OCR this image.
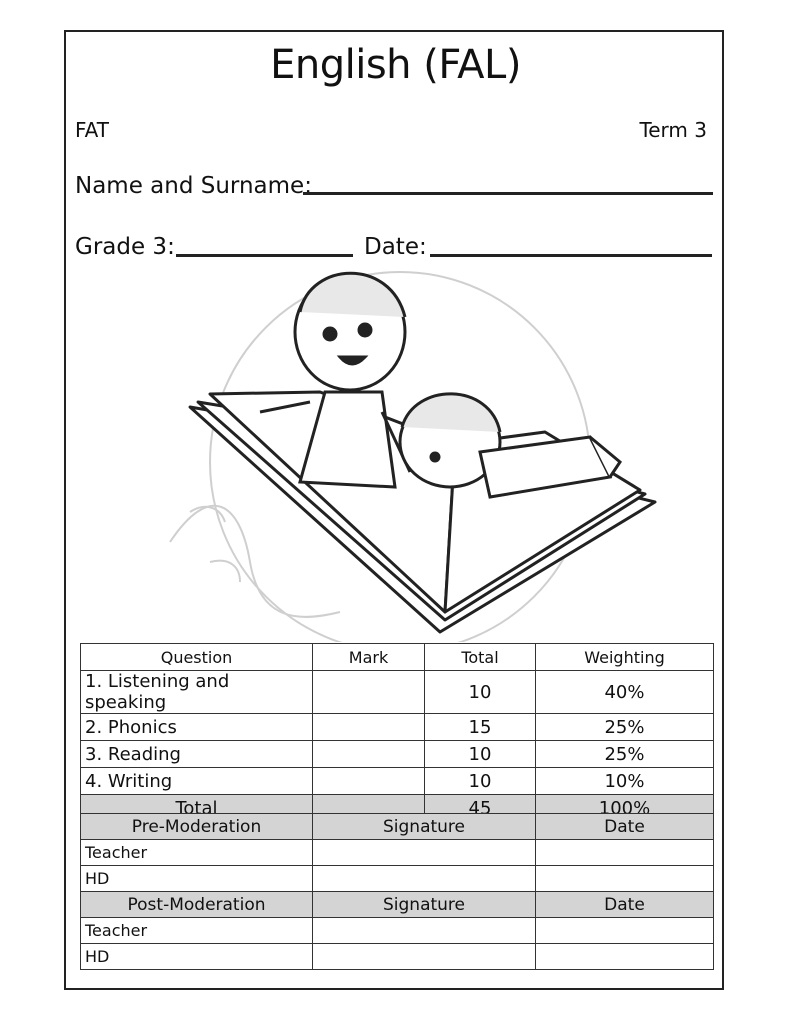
English (FAL)
FAT	Term 3
Name and Surname:
Grade 3:	Date:
Question	Mark	Total	Weighting
1. Listening and speaking		10	40%
2. Phonics		15	25%
3. Reading		10	25%
4. Writing		10	10%
Total		45	100%
Pre-Moderation	Signature	Date
Teacher		
HD		
Post-Moderation	Signature	Date
Teacher		
HD		
